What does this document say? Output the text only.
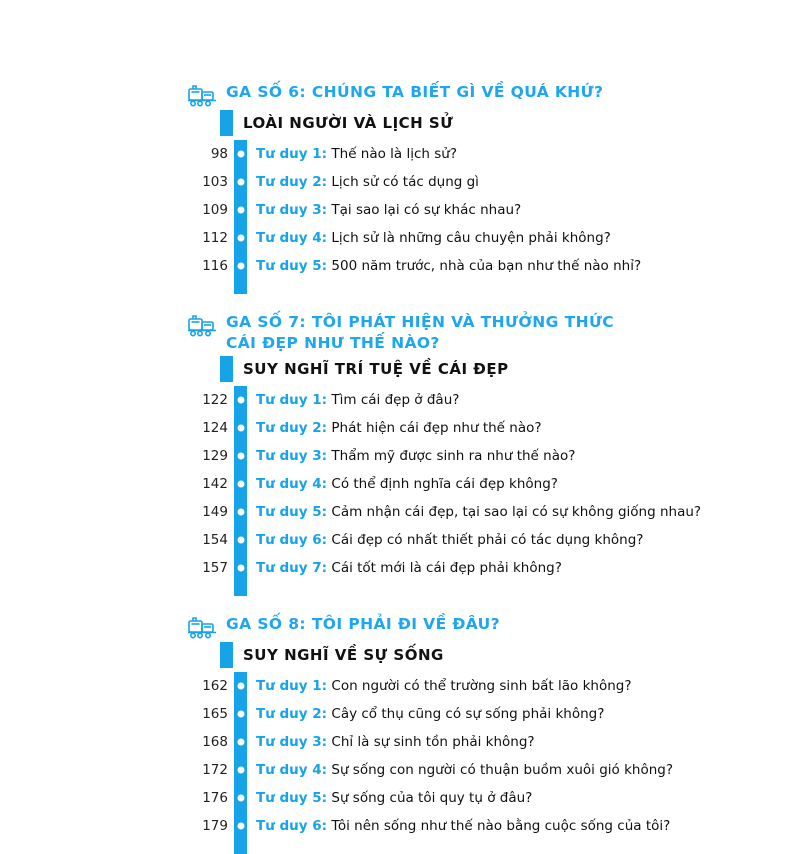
GA SỐ 6: CHÚNG TA BIẾT GÌ VỀ QUÁ KHỨ?
LOÀI NGƯỜI VÀ LỊCH SỬ
98	Tư duy 1: Thế nào là lịch sử?
103	Tư duy 2: Lịch sử có tác dụng gì
109	Tư duy 3: Tại sao lại có sự khác nhau?
112	Tư duy 4: Lịch sử là những câu chuyện phải không?
116	Tư duy 5: 500 năm trước, nhà của bạn như thế nào nhỉ?
GA SỐ 7: TÔI PHÁT HIỆN VÀ THƯỞNG THỨC
CÁI ĐẸP NHƯ THẾ NÀO?
SUY NGHĨ TRÍ TUỆ VỀ CÁI ĐẸP
122	Tư duy 1: Tìm cái đẹp ở đâu?
124	Tư duy 2: Phát hiện cái đẹp như thế nào?
129	Tư duy 3: Thẩm mỹ được sinh ra như thế nào?
142	Tư duy 4: Có thể định nghĩa cái đẹp không?
149	Tư duy 5: Cảm nhận cái đẹp, tại sao lại có sự không giống nhau?
154	Tư duy 6: Cái đẹp có nhất thiết phải có tác dụng không?
157	Tư duy 7: Cái tốt mới là cái đẹp phải không?
GA SỐ 8: TÔI PHẢI ĐI VỀ ĐÂU?
SUY NGHĨ VỀ SỰ SỐNG
162	Tư duy 1: Con người có thể trường sinh bất lão không?
165	Tư duy 2: Cây cổ thụ cũng có sự sống phải không?
168	Tư duy 3: Chỉ là sự sinh tồn phải không?
172	Tư duy 4: Sự sống con người có thuận buồm xuôi gió không?
176	Tư duy 5: Sự sống của tôi quy tụ ở đâu?
179	Tư duy 6: Tôi nên sống như thế nào bằng cuộc sống của tôi?
